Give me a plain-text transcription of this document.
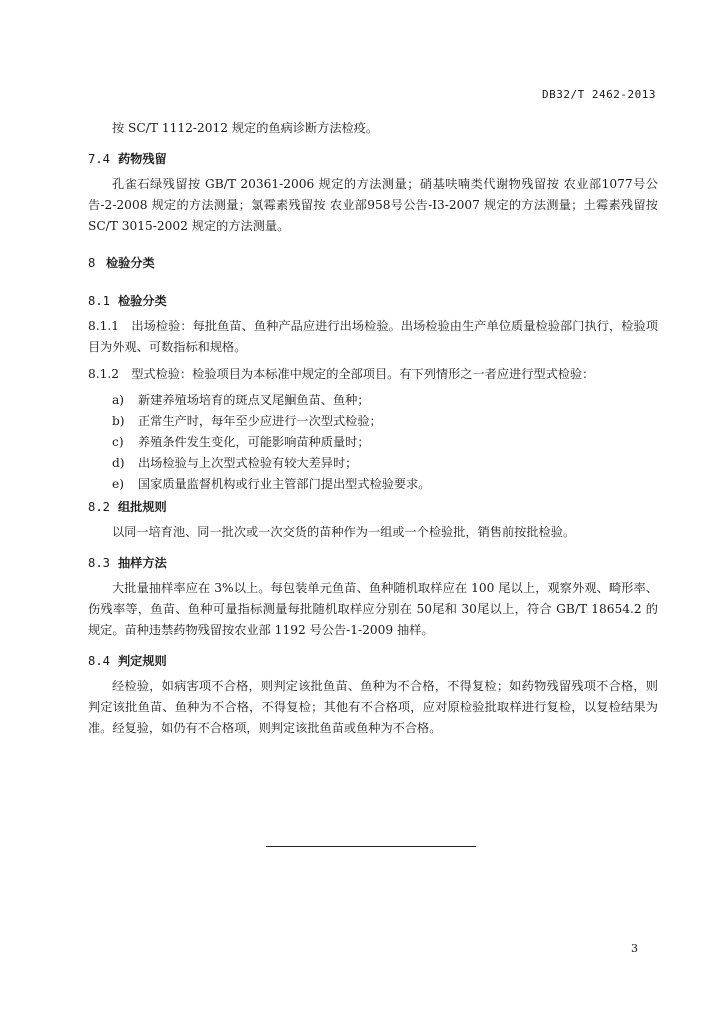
DB32/T 2462-2013
按 SC/T 1112-2012 规定的鱼病诊断方法检疫。
7.4 药物残留
孔雀石绿残留按 GB/T 20361-2006 规定的方法测量；硝基呋喃类代谢物残留按 农业部1077号公告-2-2008 规定的方法测量；氯霉素残留按 农业部958号公告-I3-2007 规定的方法测量；土霉素残留按 SC/T 3015-2002 规定的方法测量。
8 检验分类
8.1 检验分类
8.1.1　出场检验：每批鱼苗、鱼种产品应进行出场检验。出场检验由生产单位质量检验部门执行，检验项目为外观、可数指标和规格。
8.1.2　型式检验：检验项目为本标准中规定的全部项目。有下列情形之一者应进行型式检验：
a) 新建养殖场培育的斑点叉尾鮰鱼苗、鱼种；
b) 正常生产时，每年至少应进行一次型式检验；
c) 养殖条件发生变化，可能影响苗种质量时；
d) 出场检验与上次型式检验有较大差异时；
e) 国家质量监督机构或行业主管部门提出型式检验要求。
8.2 组批规则
以同一培育池、同一批次或一次交货的苗种作为一组或一个检验批，销售前按批检验。
8.3 抽样方法
大批量抽样率应在 3%以上。每包装单元鱼苗、鱼种随机取样应在 100 尾以上，观察外观、畸形率、伤残率等，鱼苗、鱼种可量指标测量每批随机取样应分别在 50尾和 30尾以上，符合 GB/T 18654.2 的规定。苗种违禁药物残留按农业部 1192 号公告-1-2009 抽样。
8.4 判定规则
经检验，如病害项不合格，则判定该批鱼苗、鱼种为不合格，不得复检；如药物残留残项不合格，则判定该批鱼苗、鱼种为不合格，不得复检；其他有不合格项，应对原检验批取样进行复检，以复检结果为准。经复验，如仍有不合格项，则判定该批鱼苗或鱼种为不合格。
3
